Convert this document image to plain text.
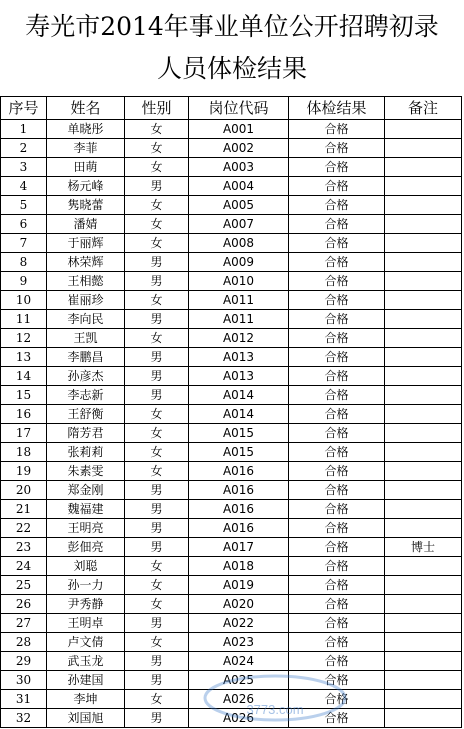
寿光市2014年事业单位公开招聘初录
人员体检结果
序号	姓名	性别	岗位代码	体检结果	备注
1	单晓彤	女	A001	合格	
2	李菲	女	A002	合格	
3	田萌	女	A003	合格	
4	杨元峰	男	A004	合格	
5	隽晓蕾	女	A005	合格	
6	潘婧	女	A007	合格	
7	于丽辉	女	A008	合格	
8	林荣辉	男	A009	合格	
9	王相懿	男	A010	合格	
10	崔丽珍	女	A011	合格	
11	李向民	男	A011	合格	
12	王凯	女	A012	合格	
13	李鹏昌	男	A013	合格	
14	孙彦杰	男	A013	合格	
15	李志新	男	A014	合格	
16	王舒衡	女	A014	合格	
17	隋芳君	女	A015	合格	
18	张莉莉	女	A015	合格	
19	朱素雯	女	A016	合格	
20	郑金刚	男	A016	合格	
21	魏福建	男	A016	合格	
22	王明亮	男	A016	合格	
23	彭佃亮	男	A017	合格	博士
24	刘聪	女	A018	合格	
25	孙一力	女	A019	合格	
26	尹秀静	女	A020	合格	
27	王明卓	男	A022	合格	
28	卢文倩	女	A023	合格	
29	武玉龙	男	A024	合格	
30	孙建国	男	A025	合格	
31	李坤	女	A026	合格	
32	刘国旭	男	A026	合格	
3773.com
